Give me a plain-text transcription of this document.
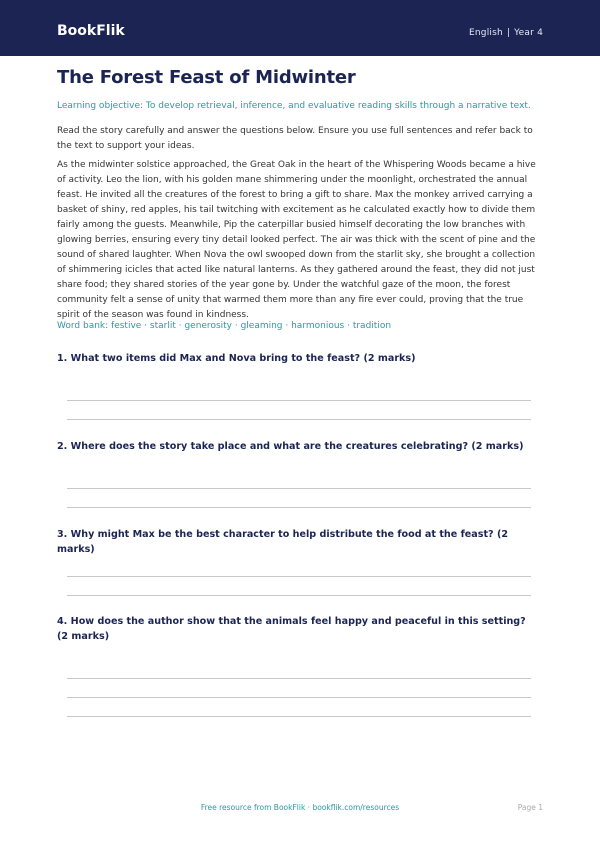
BookFlik	English | Year 4
The Forest Feast of Midwinter
Learning objective: To develop retrieval, inference, and evaluative reading skills through a narrative text.
Read the story carefully and answer the questions below. Ensure you use full sentences and refer back to the text to support your ideas.
As the midwinter solstice approached, the Great Oak in the heart of the Whispering Woods became a hive of activity. Leo the lion, with his golden mane shimmering under the moonlight, orchestrated the annual feast. He invited all the creatures of the forest to bring a gift to share. Max the monkey arrived carrying a basket of shiny, red apples, his tail twitching with excitement as he calculated exactly how to divide them fairly among the guests. Meanwhile, Pip the caterpillar busied himself decorating the low branches with glowing berries, ensuring every tiny detail looked perfect. The air was thick with the scent of pine and the sound of shared laughter. When Nova the owl swooped down from the starlit sky, she brought a collection of shimmering icicles that acted like natural lanterns. As they gathered around the feast, they did not just share food; they shared stories of the year gone by. Under the watchful gaze of the moon, the forest community felt a sense of unity that warmed them more than any fire ever could, proving that the true spirit of the season was found in kindness.
Word bank: festive · starlit · generosity · gleaming · harmonious · tradition
1. What two items did Max and Nova bring to the feast? (2 marks)
2. Where does the story take place and what are the creatures celebrating? (2 marks)
3. Why might Max be the best character to help distribute the food at the feast? (2 marks)
4. How does the author show that the animals feel happy and peaceful in this setting? (2 marks)
Free resource from BookFlik · bookflik.com/resources	Page 1
